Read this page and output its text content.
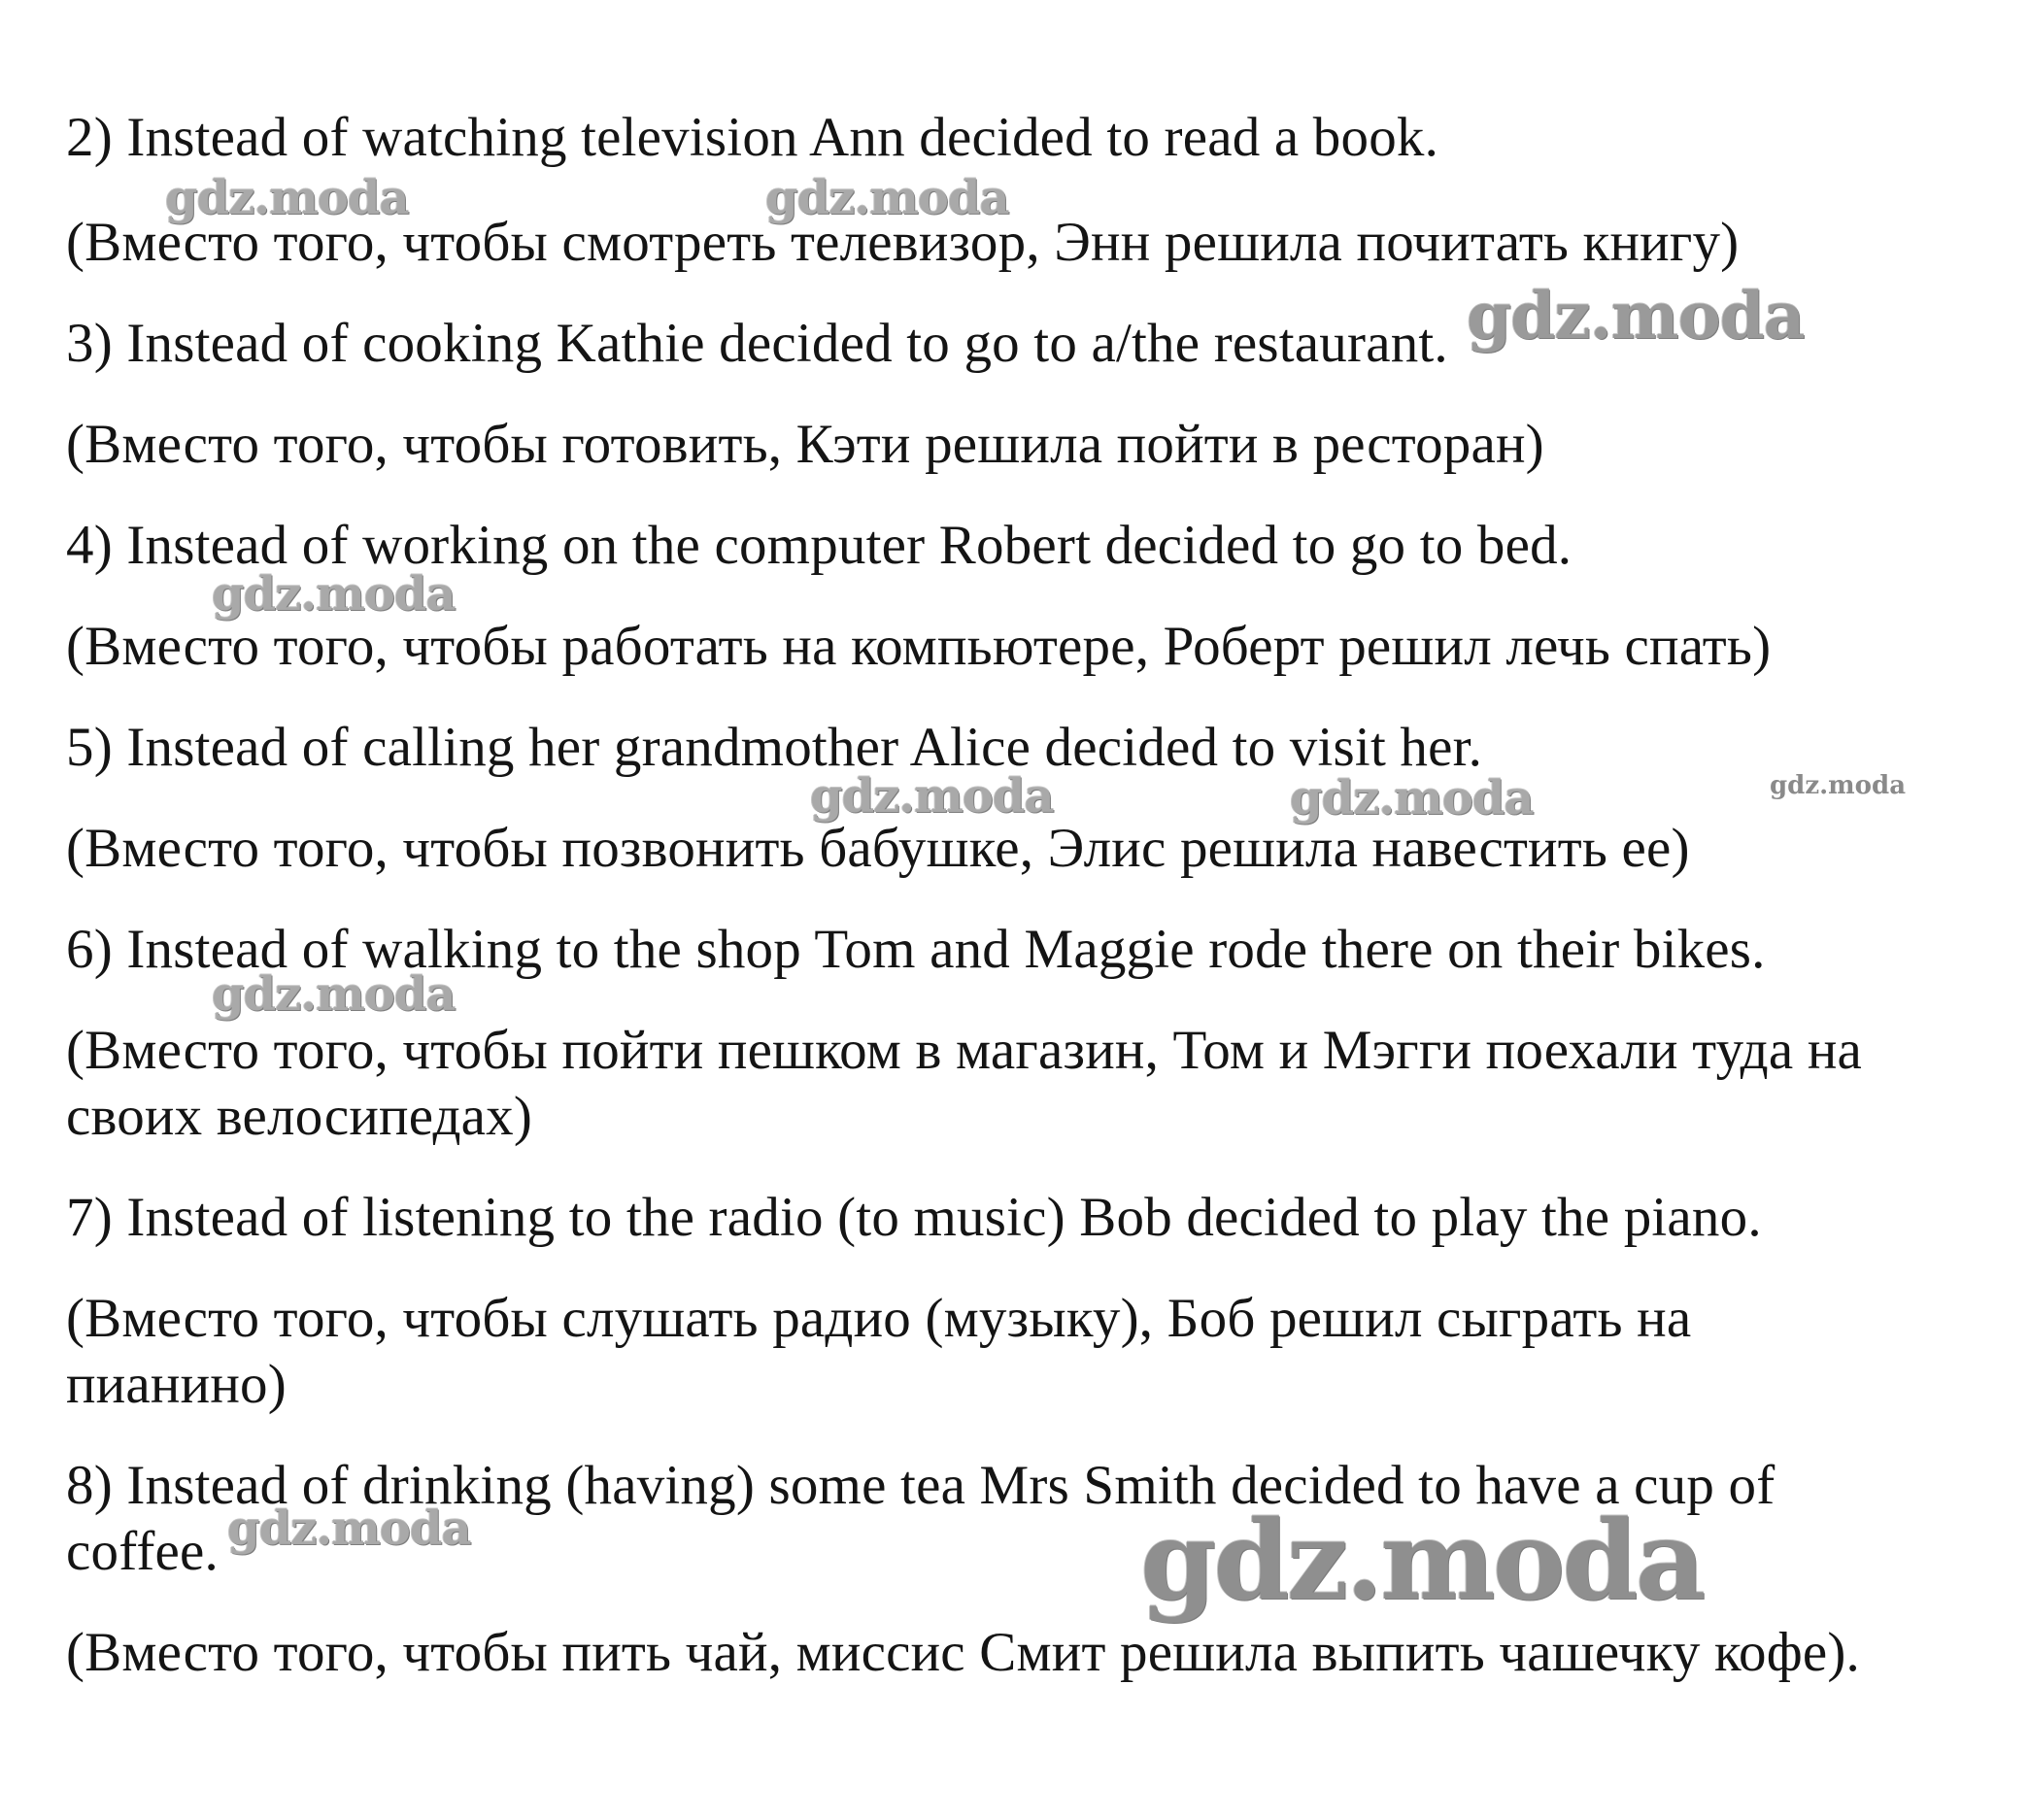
2) Instead of watching television Ann decided to read a book.

(Вместо того, чтобы смотреть телевизор, Энн решила почитать книгу)

3) Instead of cooking Kathie decided to go to a/the restaurant.

(Вместо того, чтобы готовить, Кэти решила пойти в ресторан)

4) Instead of working on the computer Robert decided to go to bed.

(Вместо того, чтобы работать на компьютере, Роберт решил лечь спать)

5) Instead of calling her grandmother Alice decided to visit her.

(Вместо того, чтобы позвонить бабушке, Элис решила навестить ее)

6) Instead of walking to the shop Tom and Maggie rode there on their bikes.

(Вместо того, чтобы пойти пешком в магазин, Том и Мэгги поехали туда на

своих велосипедах)

7) Instead of listening to the radio (to music) Bob decided to play the piano.

(Вместо того, чтобы слушать радио (музыку), Боб решил сыграть на

пианино)

8) Instead of drinking (having) some tea Mrs Smith decided to have a cup of

coffee.

(Вместо того, чтобы пить чай, миссис Смит решила выпить чашечку кофе).

gdz.moda	gdz.moda
gdz.moda
gdz.moda
gdz.moda	gdz.moda	gdz.moda
gdz.moda
gdz.moda	gdz.moda
